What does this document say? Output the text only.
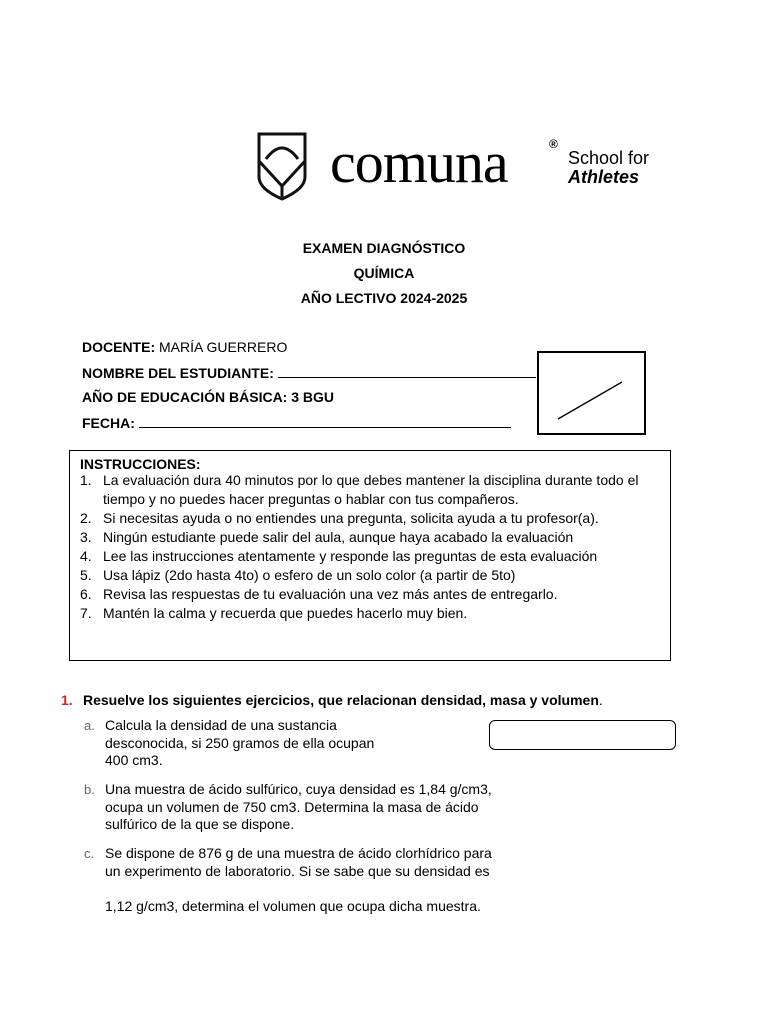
comuna	®
School for
Athletes
EXAMEN DIAGNÓSTICO
QUÍMICA
AÑO LECTIVO 2024-2025
DOCENTE: MARÍA GUERRERO
NOMBRE DEL ESTUDIANTE:
AÑO DE EDUCACIÓN BÁSICA: 3 BGU
FECHA:
INSTRUCCIONES:
1. La evaluación dura 40 minutos por lo que debes mantener la disciplina durante todo el tiempo y no puedes hacer preguntas o hablar con tus compañeros.
2. Si necesitas ayuda o no entiendes una pregunta, solicita ayuda a tu profesor(a).
3. Ningún estudiante puede salir del aula, aunque haya acabado la evaluación
4. Lee las instrucciones atentamente y responde las preguntas de esta evaluación
5. Usa lápiz (2do hasta 4to) o esfero de un solo color (a partir de 5to)
6. Revisa las respuestas de tu evaluación una vez más antes de entregarlo.
7. Mantén la calma y recuerda que puedes hacerlo muy bien.
1. Resuelve los siguientes ejercicios, que relacionan densidad, masa y volumen.
a. Calcula la densidad de una sustancia
desconocida, si 250 gramos de ella ocupan
400 cm3.
b. Una muestra de ácido sulfúrico, cuya densidad es 1,84 g/cm3,
ocupa un volumen de 750 cm3. Determina la masa de ácido
sulfúrico de la que se dispone.
c. Se dispone de 876 g de una muestra de ácido clorhídrico para
un experimento de laboratorio. Si se sabe que su densidad es
1,12 g/cm3, determina el volumen que ocupa dicha muestra.
